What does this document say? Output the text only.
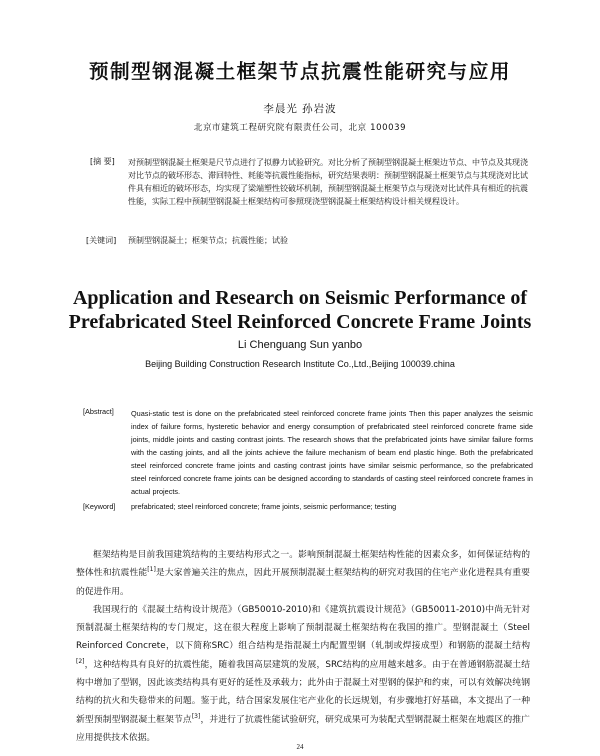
预制型钢混凝土框架节点抗震性能研究与应用
李晨光 孙岩波
北京市建筑工程研究院有限责任公司，北京 100039
[摘 要] 对预制型钢混凝土框架是尺节点进行了拟静力试验研究。对比分析了预制型钢混凝土框架边节点、中节点及其现浇对比节点的破坏形态、滞回特性、耗能等抗震性能指标，研究结果表明：预制型钢混凝土框架节点与其现浇对比试件具有相近的破坏形态，均实现了梁端塑性铰破坏机制，预制型钢混凝土框架节点与现浇对比试件具有相近的抗震性能，实际工程中预制型钢混凝土框架结构可参照现浇型钢混凝土框架结构设计相关规程设计。
[关键词] 预制型钢混凝土；框架节点；抗震性能；试验
Application and Research on Seismic Performance of
Prefabricated Steel Reinforced Concrete Frame Joints
Li Chenguang Sun yanbo
Beijing Building Construction Research Institute Co.,Ltd.,Beijing 100039.china
[Abstract] Quasi-static test is done on the prefabricated steel reinforced concrete frame joints Then this paper analyzes the seismic index of failure forms, hysteretic behavior and energy consumption of prefabricated steel reinforced concrete frame side joints, middle joints and casting contrast joints. The research shows that the prefabricated joints have similar failure forms with the casting joints, and all the joints achieve the failure mechanism of beam end plastic hinge. Both the prefabricated steel reinforced concrete frame joints and casting contrast joints have similar seismic performance, so the prefabricated steel reinforced concrete frame joints can be designed according to standards of casting steel reinforced concrete frames in actual projects.
[Keyword] prefabricated; steel reinforced concrete; frame joints, seismic performance; testing

框架结构是目前我国建筑结构的主要结构形式之一。影响预制混凝土框架结构性能的因素众多，如何保证结构的整体性和抗震性能[1]是大家普遍关注的焦点，因此开展预制混凝土框架结构的研究对我国的住宅产业化进程具有重要的促进作用。

我国现行的《混凝土结构设计规范》（GB50010-2010)和《建筑抗震设计规范》（GB50011-2010)中尚无针对预制混凝土框架结构的专门规定，这在很大程度上影响了预制混凝土框架结构在我国的推广。型钢混凝土（Steel Reinforced Concrete，以下简称SRC）组合结构是指混凝土内配置型钢（轧制或焊接成型）和钢筋的混凝土结构[2]，这种结构具有良好的抗震性能，随着我国高层建筑的发展，SRC结构的应用越来越多。由于在普通钢筋混凝土结构中增加了型钢，因此该类结构具有更好的延性及承载力；此外由于混凝土对型钢的保护和约束，可以有效解决纯钢结构的抗火和失稳带来的问题。鉴于此，结合国家发展住宅产业化的长远规划，有步骤地打好基础，本文提出了一种新型预制型钢混凝土框架节点[3]，并进行了抗震性能试验研究，研究成果可为装配式型钢混凝土框架在地震区的推广应用提供技术依据。

24
